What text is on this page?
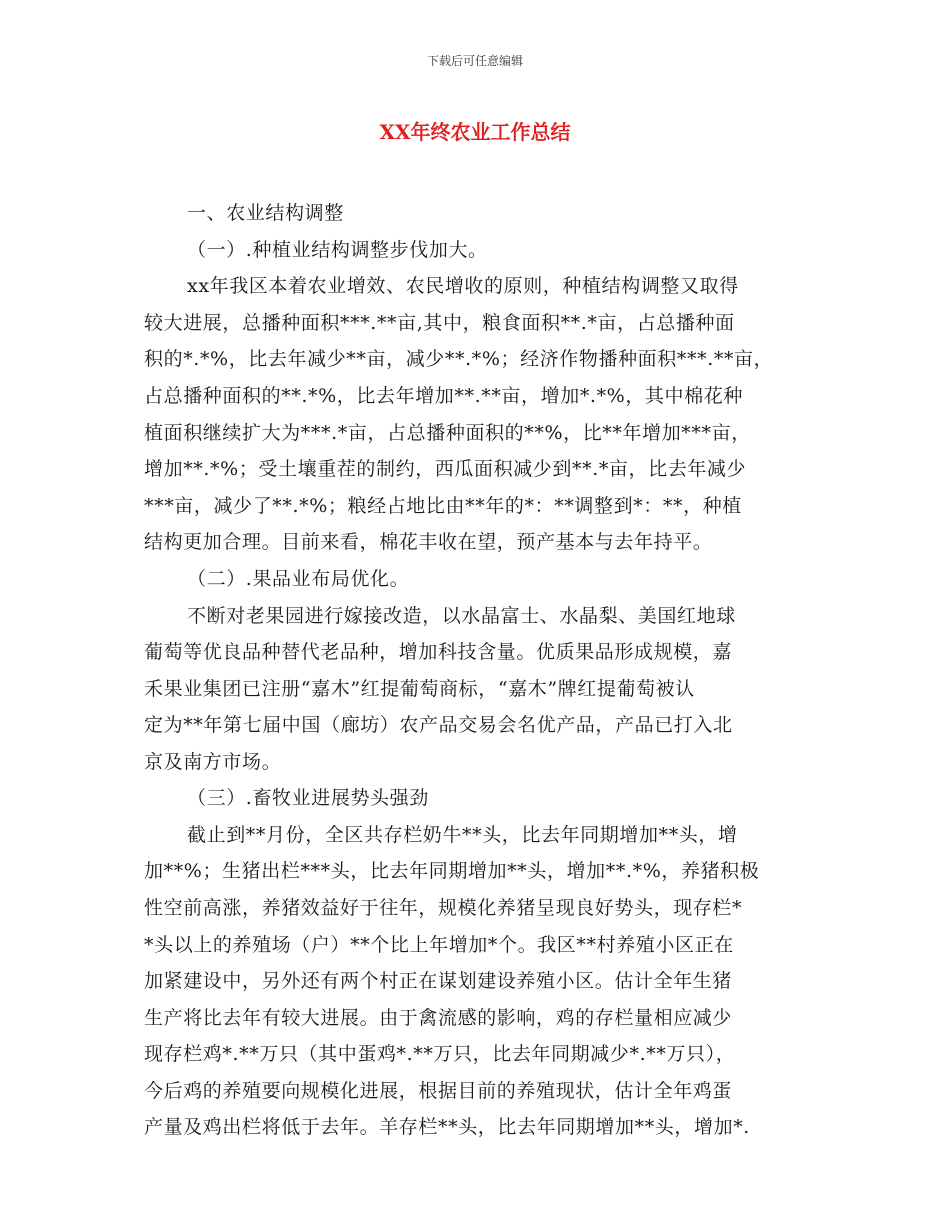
下载后可任意编辑
XX年终农业工作总结
一、农业结构调整
（一）.种植业结构调整步伐加大。
xx年我区本着农业增效、农民增收的原则，种植结构调整又取得
较大进展，总播种面积***.**亩,其中，粮食面积**.*亩，占总播种面
积的*.*%，比去年减少**亩，减少**.*%；经济作物播种面积***.**亩，
占总播种面积的**.*%，比去年增加**.**亩，增加*.*%，其中棉花种
植面积继续扩大为***.*亩，占总播种面积的**%，比**年增加***亩，
增加**.*%；受土壤重茬的制约，西瓜面积减少到**.*亩，比去年减少
***亩，减少了**.*%；粮经占地比由**年的*：**调整到*：**，种植
结构更加合理。目前来看，棉花丰收在望，预产基本与去年持平。
（二）.果品业布局优化。
不断对老果园进行嫁接改造，以水晶富士、水晶梨、美国红地球
葡萄等优良品种替代老品种，增加科技含量。优质果品形成规模，嘉
禾果业集团已注册“嘉木”红提葡萄商标，“嘉木”牌红提葡萄被认
定为**年第七届中国（廊坊）农产品交易会名优产品，产品已打入北
京及南方市场。
（三）.畜牧业进展势头强劲
截止到**月份，全区共存栏奶牛**头，比去年同期增加**头，增
加**%；生猪出栏***头，比去年同期增加**头，增加**.*%，养猪积极
性空前高涨，养猪效益好于往年，规模化养猪呈现良好势头，现存栏*
*头以上的养殖场（户）**个比上年增加*个。我区**村养殖小区正在
加紧建设中，另外还有两个村正在谋划建设养殖小区。估计全年生猪
生产将比去年有较大进展。由于禽流感的影响，鸡的存栏量相应减少
现存栏鸡*.**万只（其中蛋鸡*.**万只，比去年同期减少*.**万只），
今后鸡的养殖要向规模化进展，根据目前的养殖现状，估计全年鸡蛋
产量及鸡出栏将低于去年。羊存栏**头，比去年同期增加**头，增加*.
